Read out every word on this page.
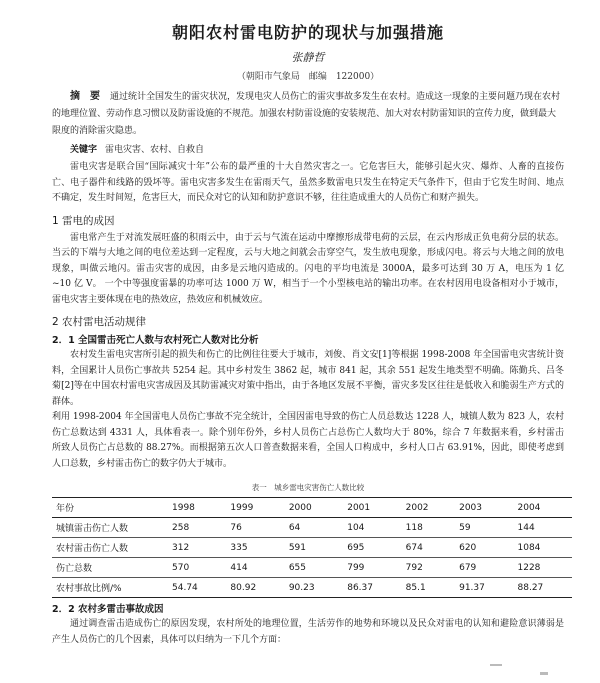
朝阳农村雷电防护的现状与加强措施
张静哲
（朝阳市气象局　邮编　122000）

摘　要 通过统计全国发生的雷灾状况，发现电灾人员伤亡的雷灾事故多发生在农村。造成这一现象的主要问题乃现在农村的地理位置、劳动作息习惯以及防雷设施的不规范。加强农村防雷设施的安装规范、加大对农村防雷知识的宣传力度，做到最大限度的消除雷灾隐患。

关键字 雷电灾害、农村、自救自

雷电灾害是联合国“国际减灾十年”公布的最严重的十大自然灾害之一。它危害巨大，能够引起火灾、爆炸、人畜的直接伤亡、电子器件和线路的毁坏等。雷电灾害多发生在雷雨天气，虽然多数雷电只发生在特定天气条件下，但由于它发生时间、地点不确定，发生时间短，危害巨大，而民众对它的认知和防护意识不够，往往造成重大的人员伤亡和财产损失。

1 雷电的成因

雷电常产生于对流发展旺盛的积雨云中，由于云与气流在运动中摩擦形成带电荷的云层，在云内形成正负电荷分层的状态。当云的下端与大地之间的电位差达到一定程度，云与大地之间就会击穿空气，发生放电现象，形成闪电。将云与大地之间的放电现象，叫做云地闪。雷击灾害的成因，由多是云地闪造成的。闪电的平均电流是 3000A，最多可达到 30 万 A，电压为 1 亿~10 亿 V。 一个中等强度雷暴的功率可达 1000 万 W，相当于一个小型核电站的输出功率。在农村因用电设备相对小于城市，雷电灾害主要体现在电的热效应，热效应和机械效应。

2 农村雷电活动规律
2．1 全国雷击死亡人数与农村死亡人数对比分析

农村发生雷电灾害所引起的损失和伤亡的比例往往要大于城市，刘俊、肖文安[1]等根据 1998-2008 年全国雷电灾害统计资料，全国累计人员伤亡事故共 5254 起。其中乡村发生 3862 起，城市 841 起，其余 551 起发生地类型不明确。陈勤兵、吕冬菊[2]等在中国农村雷电灾害成因及其防雷减灾对策中指出，由于各地区发展不平衡，雷灾多发区往往是低收入和脆弱生产方式的群体。

利用 1998-2004 年全国雷电人员伤亡事故不完全统计，全国因雷电导致的伤亡人员总数达 1228 人，城镇人数为 823 人，农村伤亡总数达到 4331 人，具体看表一。除个别年份外，乡村人员伤亡占总伤亡人数均大于 80%，综合 7 年数据来看，乡村雷击所致人员伤亡占总数的 88.27%。而根据第五次人口普查数据来看，全国人口构成中，乡村人口占 63.91%，因此，即使考虑到人口总数，乡村雷击伤亡的数字仍大于城市。

表一　城乡雷电灾害伤亡人数比较
年份	1998	1999	2000	2001	2002	2003	2004
城镇雷击伤亡人数	258	76	64	104	118	59	144
农村雷击伤亡人数	312	335	591	695	674	620	1084
伤亡总数	570	414	655	799	792	679	1228
农村事故比例/%	54.74	80.92	90.23	86.37	85.1	91.37	88.27
2．2 农村多雷击事故成因

通过调查雷击造成伤亡的原因发现，农村所处的地理位置，生活劳作的地势和环境以及民众对雷电的认知和避险意识薄弱是产生人员伤亡的几个因素，具体可以归纳为一下几个方面：
